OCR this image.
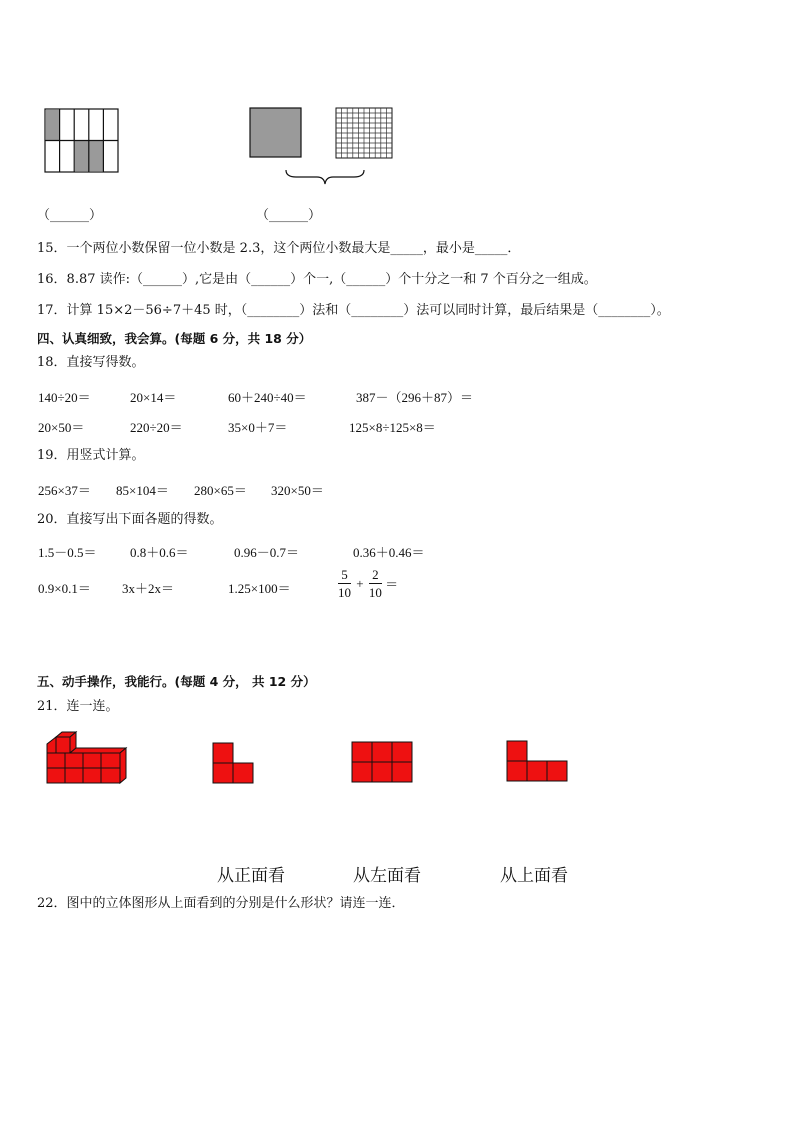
（______）	（______）
15．一个两位小数保留一位小数是 2.3，这个两位小数最大是_____，最小是_____．
16．8.87 读作:（______）,它是由（______）个一,（______）个十分之一和 7 个百分之一组成。
17．计算 15×2－56÷7＋45 时，（________）法和（________）法可以同时计算，最后结果是（________）。
四、认真细致，我会算。(每题 6 分，共 18 分）
18．直接写得数。
140÷20＝	20×14＝	60＋240÷40＝	387－（296＋87）＝
20×50＝	220÷20＝	35×0＋7＝	125×8÷125×8＝
19．用竖式计算。
256×37＝ 85×104＝ 280×65＝ 320×50＝
20．直接写出下面各题的得数。
1.5－0.5＝	0.8＋0.6＝	0.96－0.7＝	0.36＋0.46＝
0.9×0.1＝ 3x＋2x＝	1.25×100＝	$\frac{5}{10} + \frac{2}{10}$ ＝
五、动手操作，我能行。(每题 4 分， 共 12 分）
21．连一连。
从正面看	从左面看	从上面看
22．图中的立体图形从上面看到的分别是什么形状？请连一连．
